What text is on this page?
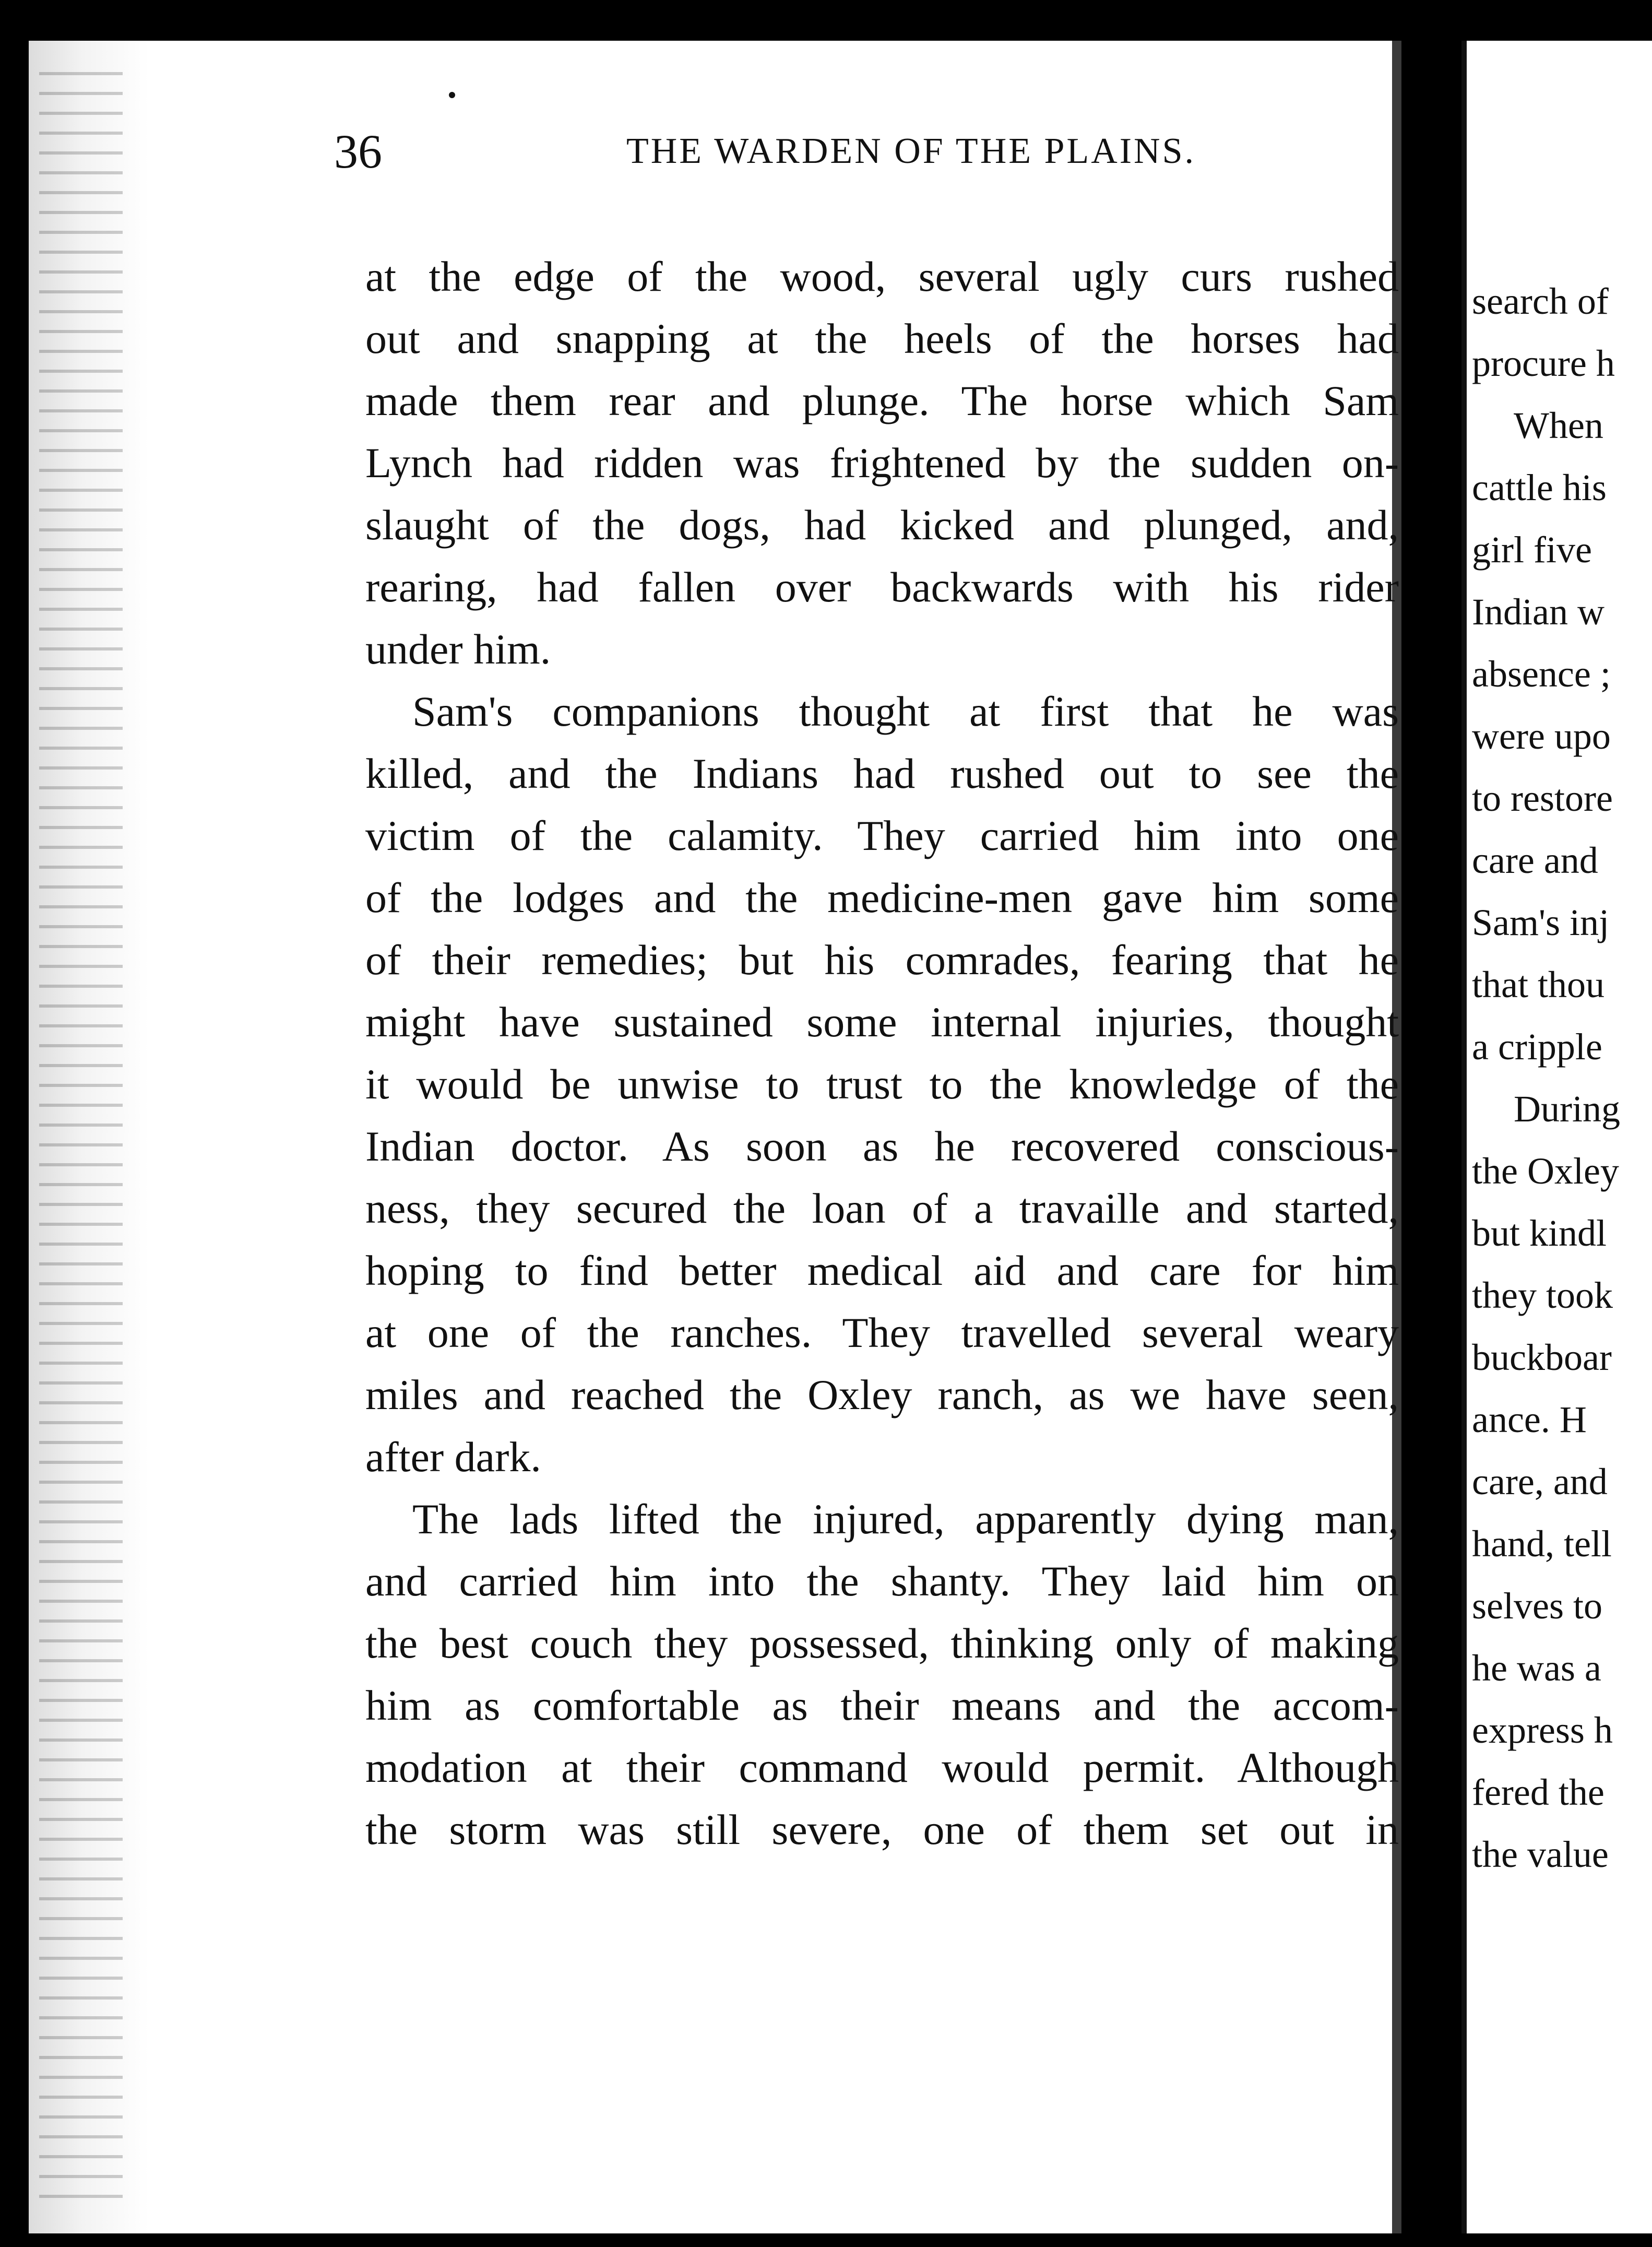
36	THE WARDEN OF THE PLAINS.
at the edge of the wood, several ugly curs rushed
out and snapping at the heels of the horses had
made them rear and plunge. The horse which Sam
Lynch had ridden was frightened by the sudden on-
slaught of the dogs, had kicked and plunged, and,
rearing, had fallen over backwards with his rider
under him.
Sam's companions thought at first that he was
killed, and the Indians had rushed out to see the
victim of the calamity. They carried him into one
of the lodges and the medicine-men gave him some
of their remedies; but his comrades, fearing that he
might have sustained some internal injuries, thought
it would be unwise to trust to the knowledge of the
Indian doctor. As soon as he recovered conscious-
ness, they secured the loan of a travaille and started,
hoping to find better medical aid and care for him
at one of the ranches. They travelled several weary
miles and reached the Oxley ranch, as we have seen,
after dark.
The lads lifted the injured, apparently dying man,
and carried him into the shanty. They laid him on
the best couch they possessed, thinking only of making
him as comfortable as their means and the accom-
modation at their command would permit. Although
the storm was still severe, one of them set out in
search of
procure h
When
cattle his
girl five
Indian w
absence ;
were upo
to restore
care and
Sam's inj
that thou
a cripple
During
the Oxley
but kindl
they took
buckboar
ance. H
care, and
hand, tell
selves to
he was a
express h
fered the
the value
